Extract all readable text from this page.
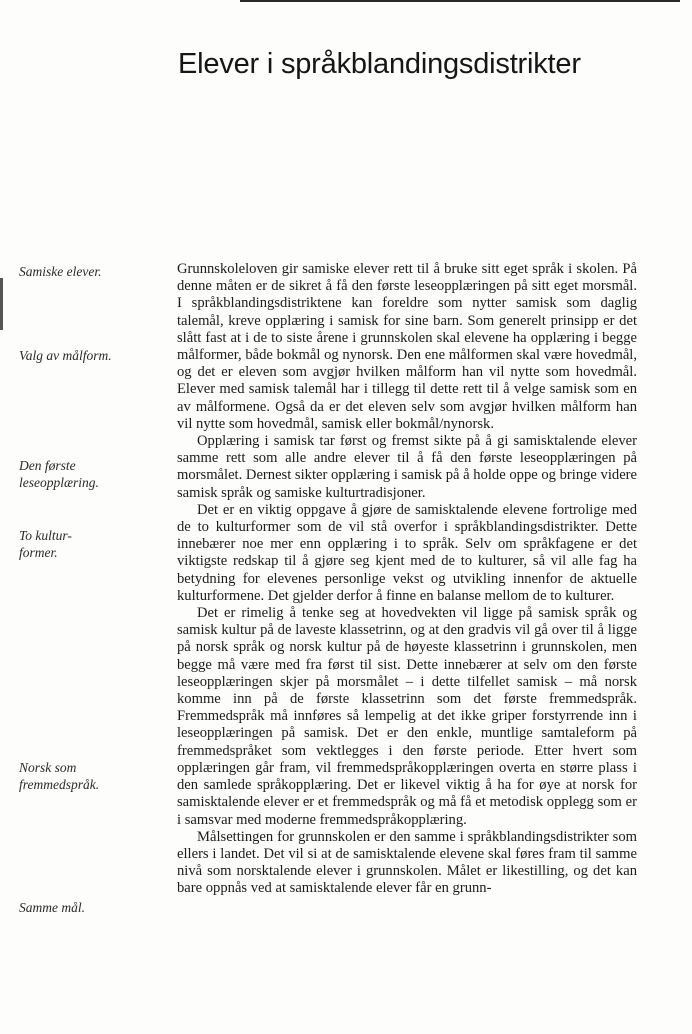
Elever i språkblandingsdistrikter
Samiske elever.
Valg av målform.
Den første
leseopplæring.
To kultur-
former.
Norsk som
fremmedspråk.
Samme mål.

Grunnskoleloven gir samiske elever rett til å bruke sitt eget språk i skolen. På denne måten er de sikret å få den første leseopplæringen på sitt eget morsmål. I språkblandingsdistriktene kan foreldre som nytter samisk som daglig talemål, kreve opplæring i samisk for sine barn. Som generelt prinsipp er det slått fast at i de to siste årene i grunnskolen skal elevene ha opplæring i begge målformer, både bokmål og nynorsk. Den ene målformen skal være hovedmål, og det er eleven som avgjør hvilken målform han vil nytte som hovedmål. Elever med samisk talemål har i tillegg til dette rett til å velge samisk som en av målformene. Også da er det eleven selv som avgjør hvilken målform han vil nytte som hovedmål, samisk eller bokmål/nynorsk.

Opplæring i samisk tar først og fremst sikte på å gi samisktalende elever samme rett som alle andre elever til å få den første leseopplæringen på morsmålet. Dernest sikter opplæring i samisk på å holde oppe og bringe videre samisk språk og samiske kulturtradisjoner.

Det er en viktig oppgave å gjøre de samisktalende elevene fortrolige med de to kulturformer som de vil stå overfor i språkblandingsdistrikter. Dette innebærer noe mer enn opplæring i to språk. Selv om språkfagene er det viktigste redskap til å gjøre seg kjent med de to kulturer, så vil alle fag ha betydning for elevenes personlige vekst og utvikling innenfor de aktuelle kulturformene. Det gjelder derfor å finne en balanse mellom de to kulturer.

Det er rimelig å tenke seg at hovedvekten vil ligge på samisk språk og samisk kultur på de laveste klassetrinn, og at den gradvis vil gå over til å ligge på norsk språk og norsk kultur på de høyeste klassetrinn i grunnskolen, men begge må være med fra først til sist. Dette innebærer at selv om den første leseopplæringen skjer på morsmålet – i dette tilfellet samisk – må norsk komme inn på de første klassetrinn som det første fremmedspråk. Fremmedspråk må innføres så lempelig at det ikke griper forstyrrende inn i leseopplæringen på samisk. Det er den enkle, muntlige samtaleform på fremmedspråket som vektlegges i den første periode. Etter hvert som opplæringen går fram, vil fremmedspråkopplæringen overta en større plass i den samlede språkopplæring. Det er likevel viktig å ha for øye at norsk for samisktalende elever er et fremmedspråk og må få et metodisk opplegg som er i samsvar med moderne fremmedspråkopplæring.

Målsettingen for grunnskolen er den samme i språkblandingsdistrikter som ellers i landet. Det vil si at de samisktalende elevene skal føres fram til samme nivå som norsktalende elever i grunnskolen. Målet er likestilling, og det kan bare oppnås ved at samisktalende elever får en grunn-
